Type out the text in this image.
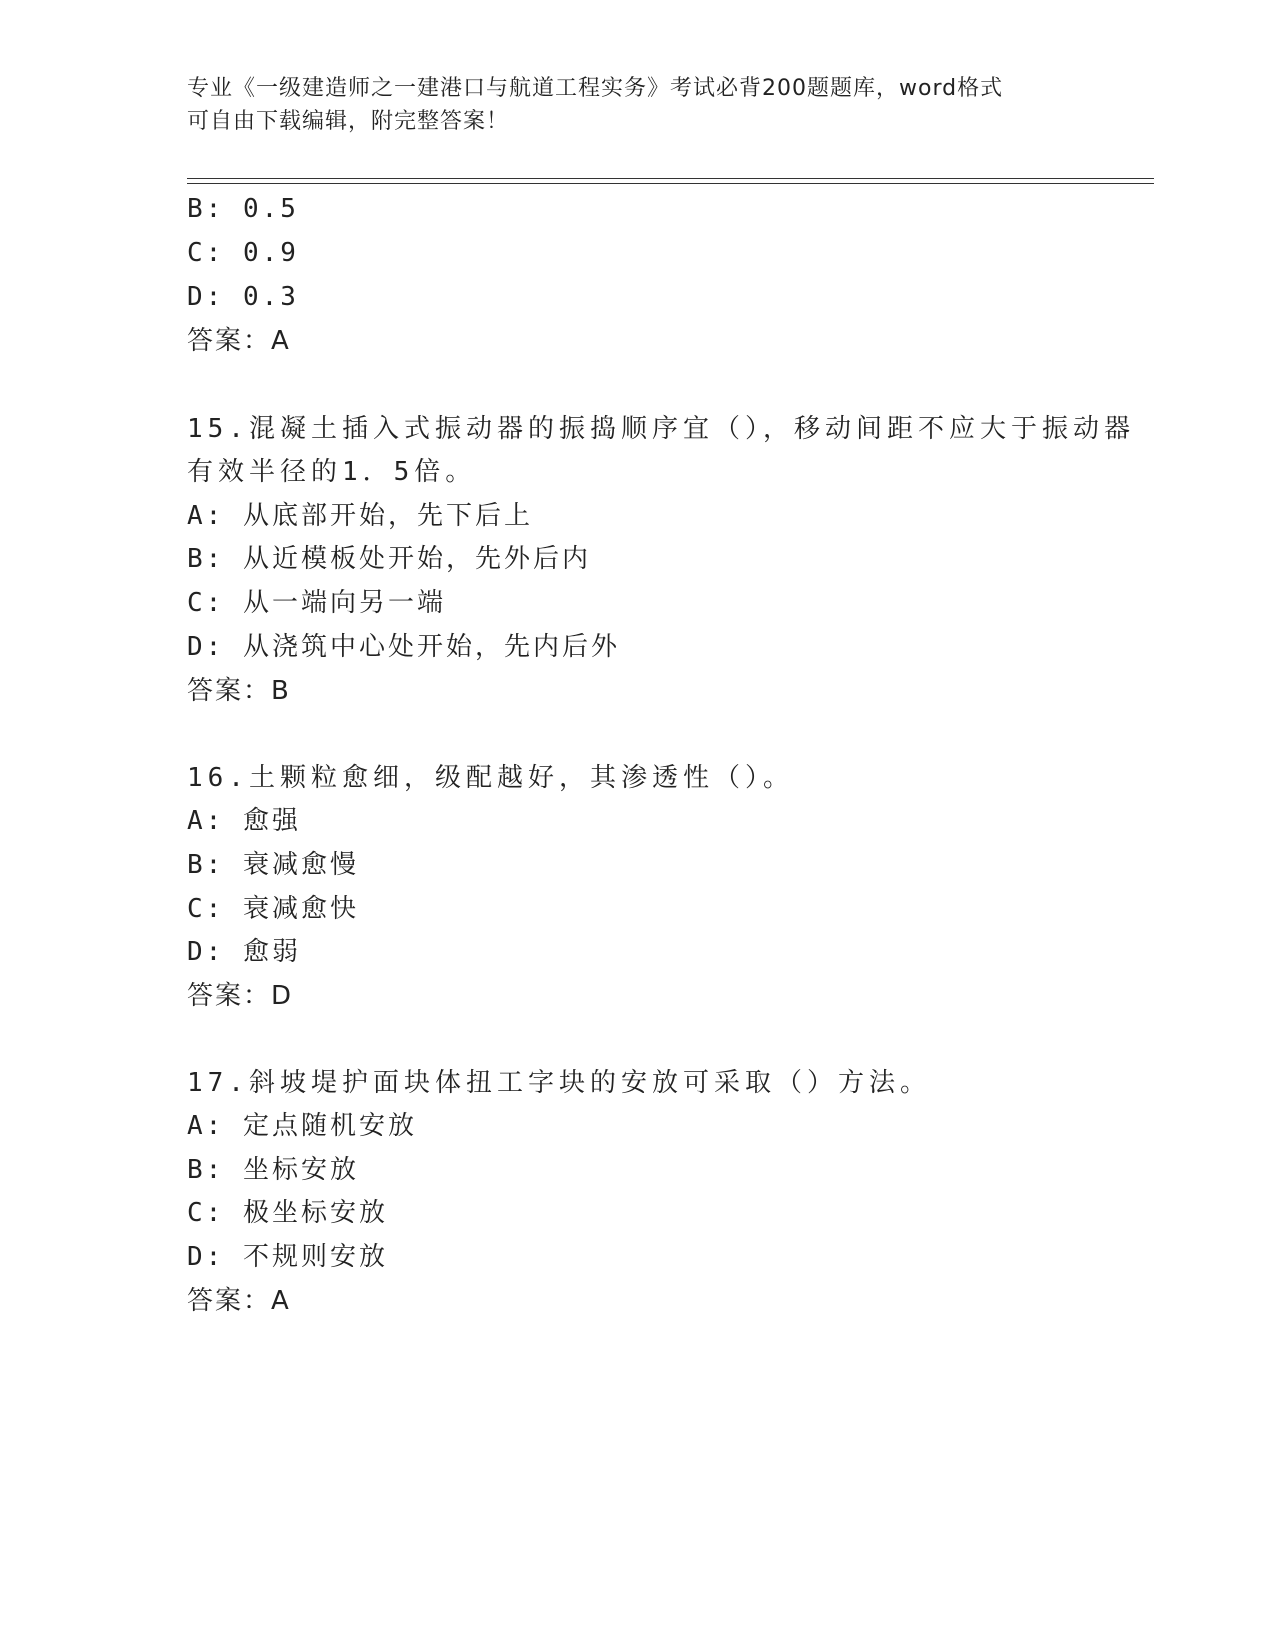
专业《一级建造师之一建港口与航道工程实务》考试必背200题题库，word格式
可自由下载编辑，附完整答案！
B: 0.5
C: 0.9
D: 0.3
答案：A
15.混凝土插入式振动器的振捣顺序宜（），移动间距不应大于振动器
有效半径的1．5倍。
A: 从底部开始，先下后上
B: 从近模板处开始，先外后内
C: 从一端向另一端
D: 从浇筑中心处开始，先内后外
答案：B
16.土颗粒愈细，级配越好，其渗透性（）。
A: 愈强
B: 衰减愈慢
C: 衰减愈快
D: 愈弱
答案：D
17.斜坡堤护面块体扭工字块的安放可采取（）方法。
A: 定点随机安放
B: 坐标安放
C: 极坐标安放
D: 不规则安放
答案：A
